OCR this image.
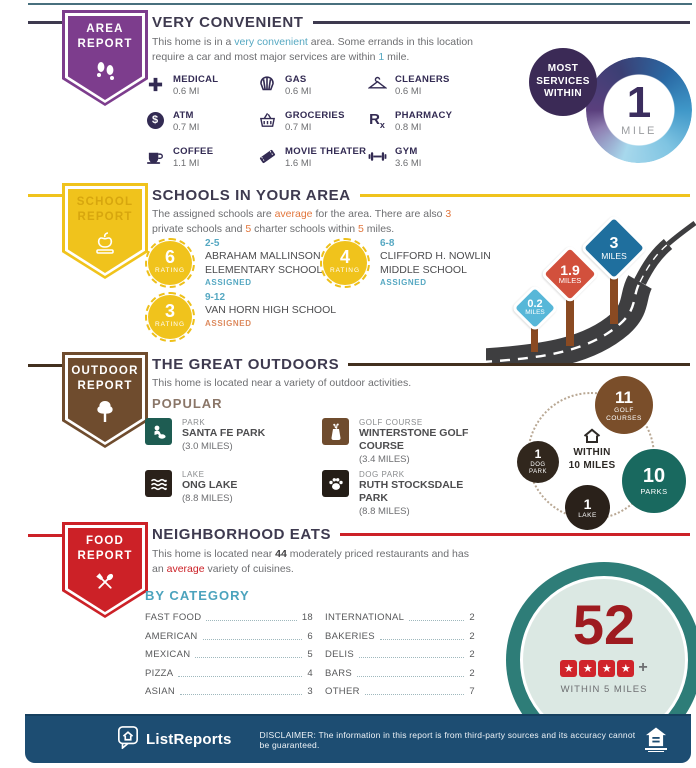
AREA
REPORT
VERY CONVENIENT

This home is in a very convenient area. Some errands in this location require a car and most major services are within 1 mile.

MEDICAL
0.6 MI
GAS
0.6 MI
CLEANERS
0.6 MI
$	ATM
0.7 MI
GROCERIES
0.7 MI	$R_x$
PHARMACY
0.8 MI
COFFEE
1.1 MI
MOVIE THEATER
1.6 MI
GYM
3.6 MI
1
MILE
MOST
SERVICES
WITHIN
SCHOOL
REPORT
SCHOOLS IN YOUR AREA

The assigned schools are average for the area. There are also 3 private schools and 5 charter schools within 5 miles.

6
RATING
2-5
ABRAHAM MALLINSON ELEMENTARY SCHOOL
ASSIGNED
4
RATING
6-8
CLIFFORD H. NOWLIN MIDDLE SCHOOL
ASSIGNED
3
RATING
9-12
VAN HORN HIGH SCHOOL
ASSIGNED
0.2
MILES
1.9
MILES
3
MILES
OUTDOOR
REPORT
THE GREAT OUTDOORS

This home is located near a variety of outdoor activities.

POPULAR
PARK
SANTA FE PARK
(3.0 MILES)
GOLF COURSE
WINTERSTONE GOLF COURSE
(3.4 MILES)
LAKE
ONG LAKE
(8.8 MILES)
DOG PARK
RUTH STOCKSDALE PARK
(8.8 MILES)
11
GOLF
COURSES
1
DOG
PARK	10
PARKS
1
LAKE
WITHIN
10 MILES
FOOD
REPORT
NEIGHBORHOOD EATS

This home is located near 44 moderately priced restaurants and has an average variety of cuisines.

BY CATEGORY
FAST FOOD	18
AMERICAN	6
MEXICAN	5
PIZZA	4
ASIAN	3
INTERNATIONAL	2
BAKERIES	2
DELIS	2
BARS	2
OTHER	7
52
★ ★ ★ ★ +
WITHIN 5 MILES
ListReports	DISCLAIMER: The information in this report is from third-party sources and its accuracy cannot be guaranteed.
